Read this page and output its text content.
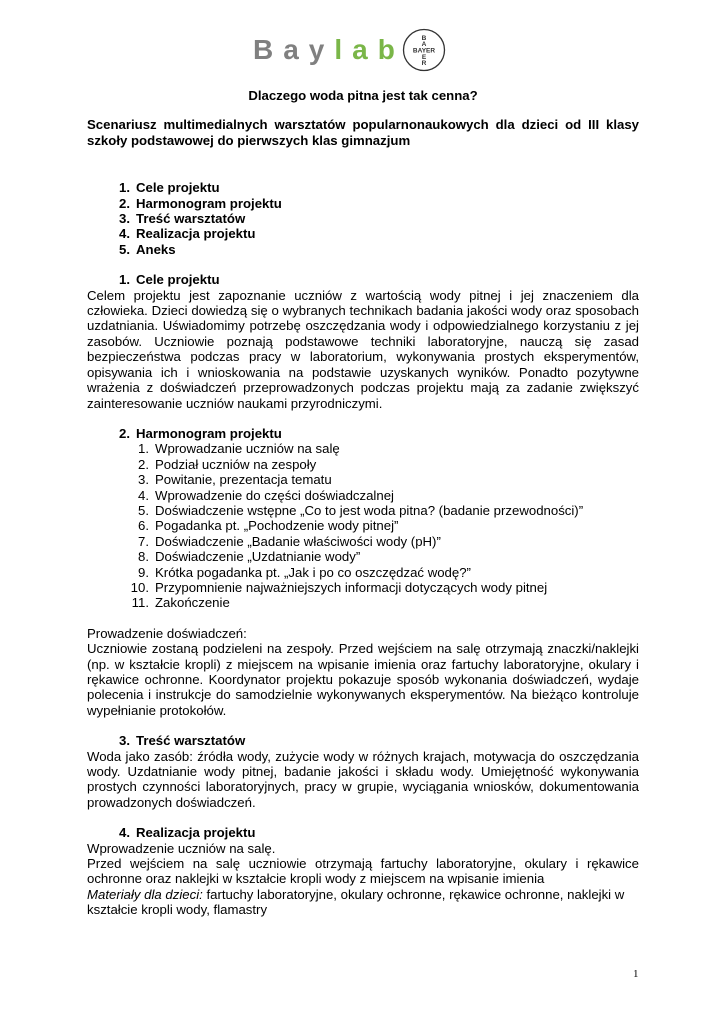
Baylab	B
A
BAYER
E
R
Dlaczego woda pitna jest tak cenna?

Scenariusz multimedialnych warsztatów popularnonaukowych dla dzieci od III klasy szkoły podstawowej do pierwszych klas gimnazjum

1. Cele projektu
2. Harmonogram projektu
3. Treść warsztatów
4. Realizacja projektu
5. Aneks
1. Cele projektu

Celem projektu jest zapoznanie uczniów z wartością wody pitnej i jej znaczeniem dla człowieka. Dzieci dowiedzą się o wybranych technikach badania jakości wody oraz sposobach uzdatniania. Uświadomimy potrzebę oszczędzania wody i odpowiedzialnego korzystaniu z jej zasobów. Uczniowie poznają podstawowe techniki laboratoryjne, nauczą się zasad bezpieczeństwa podczas pracy w laboratorium, wykonywania prostych eksperymentów, opisywania ich i wnioskowania na podstawie uzyskanych wyników. Ponadto pozytywne wrażenia z doświadczeń przeprowadzonych podczas projektu mają za zadanie zwiększyć zainteresowanie uczniów naukami przyrodniczymi.

2. Harmonogram projektu
1. Wprowadzanie uczniów na salę
2. Podział uczniów na zespoły
3. Powitanie, prezentacja tematu
4. Wprowadzenie do części doświadczalnej
5. Doświadczenie wstępne „Co to jest woda pitna? (badanie przewodności)”
6. Pogadanka pt. „Pochodzenie wody pitnej”
7. Doświadczenie „Badanie właściwości wody (pH)”
8. Doświadczenie „Uzdatnianie wody”
9. Krótka pogadanka pt. „Jak i po co oszczędzać wodę?”
10. Przypomnienie najważniejszych informacji dotyczących wody pitnej
11. Zakończenie

Prowadzenie doświadczeń:

Uczniowie zostaną podzieleni na zespoły. Przed wejściem na salę otrzymają znaczki/naklejki (np. w kształcie kropli) z miejscem na wpisanie imienia oraz fartuchy laboratoryjne, okulary i rękawice ochronne. Koordynator projektu pokazuje sposób wykonania doświadczeń, wydaje polecenia i instrukcje do samodzielnie wykonywanych eksperymentów. Na bieżąco kontroluje wypełnianie protokołów.

3. Treść warsztatów

Woda jako zasób: źródła wody, zużycie wody w różnych krajach, motywacja do oszczędzania wody. Uzdatnianie wody pitnej, badanie jakości i składu wody. Umiejętność wykonywania prostych czynności laboratoryjnych, pracy w grupie, wyciągania wniosków, dokumentowania prowadzonych doświadczeń.

4. Realizacja projektu

Wprowadzenie uczniów na salę.

Przed wejściem na salę uczniowie otrzymają fartuchy laboratoryjne, okulary i rękawice ochronne oraz naklejki w kształcie kropli wody z miejscem na wpisanie imienia

Materiały dla dzieci: fartuchy laboratoryjne, okulary ochronne, rękawice ochronne, naklejki w kształcie kropli wody, flamastry

1
